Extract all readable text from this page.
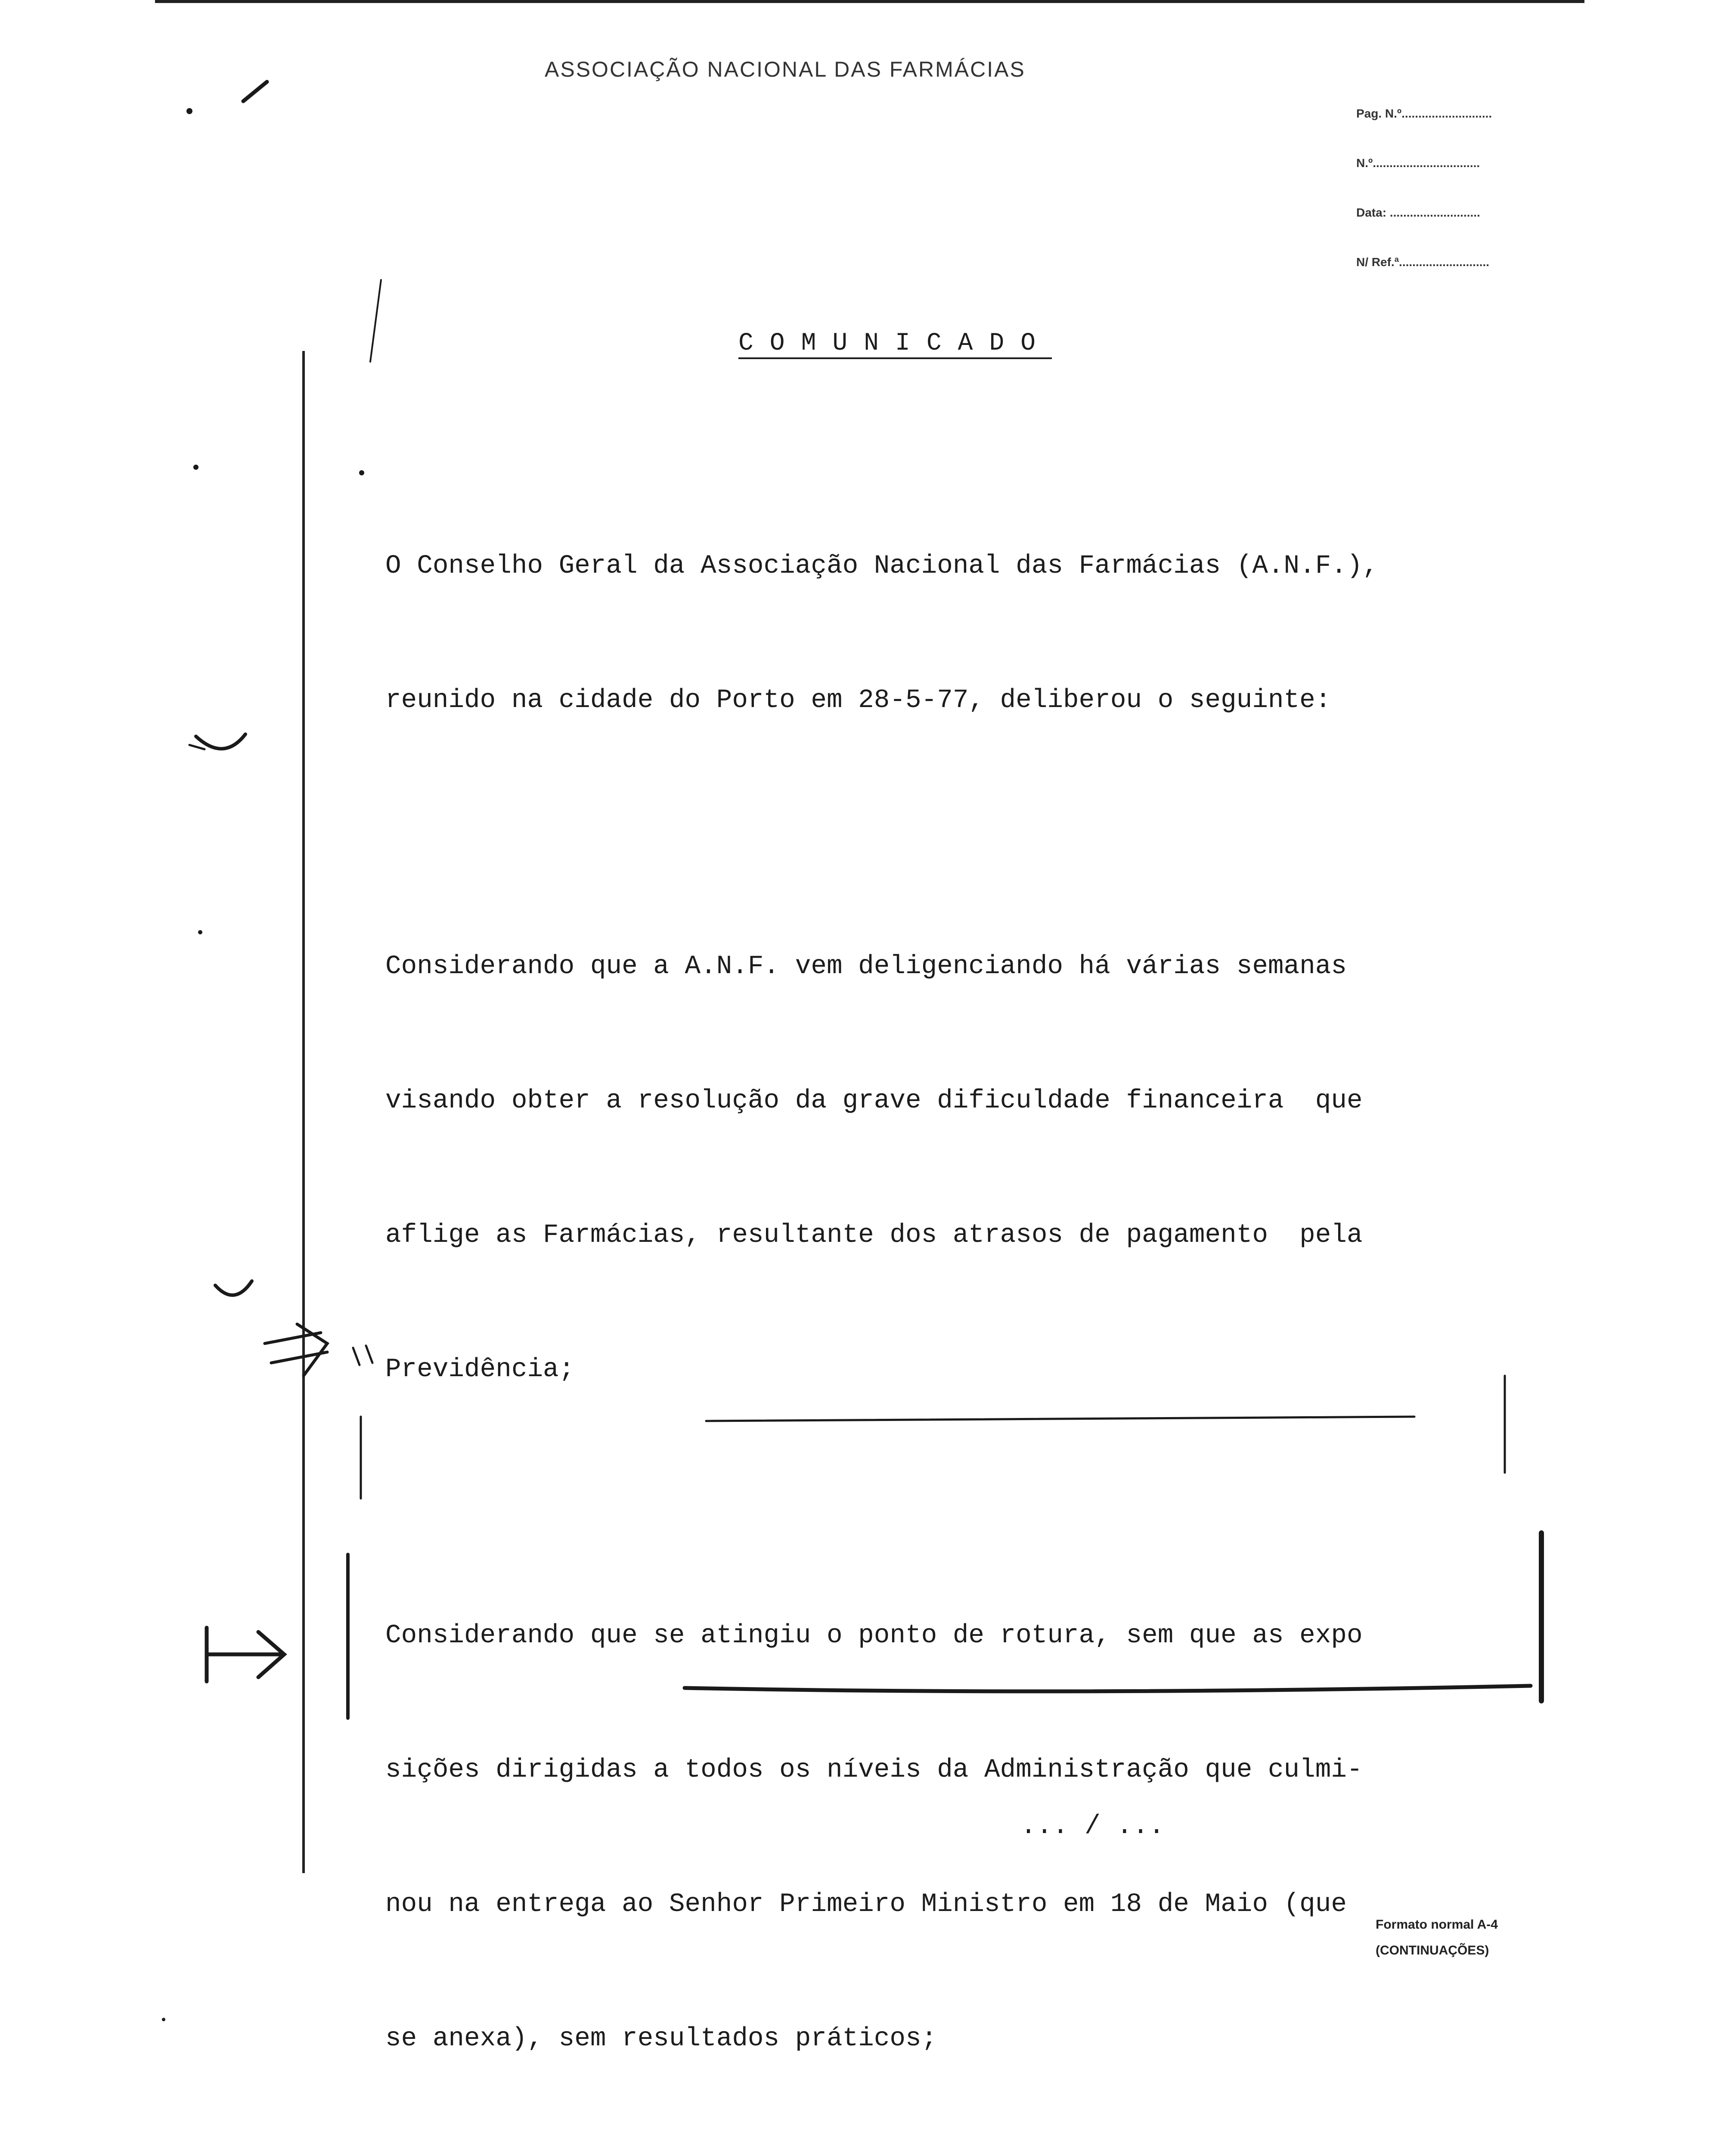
ASSOCIAÇÃO NACIONAL DAS FARMÁCIAS
Pag. N.º...........................
N.º................................
Data: ...........................
N/ Ref.ª...........................
COMUNICADO

O Conselho Geral da Associação Nacional das Farmácias (A.N.F.),

reunido na cidade do Porto em 28-5-77, deliberou o seguinte:

Considerando que a A.N.F. vem deligenciando há várias semanas

visando obter a resolução da grave dificuldade financeira  que

aflige as Farmácias, resultante dos atrasos de pagamento  pela

Previdência;

Considerando que se atingiu o ponto de rotura, sem que as expo

sições dirigidas a todos os níveis da Administração que culmi-

nou na entrega ao Senhor Primeiro Ministro em 18 de Maio (que

se anexa), sem resultados práticos;

... / ...
Formato normal A-4
(CONTINUAÇÕES)
